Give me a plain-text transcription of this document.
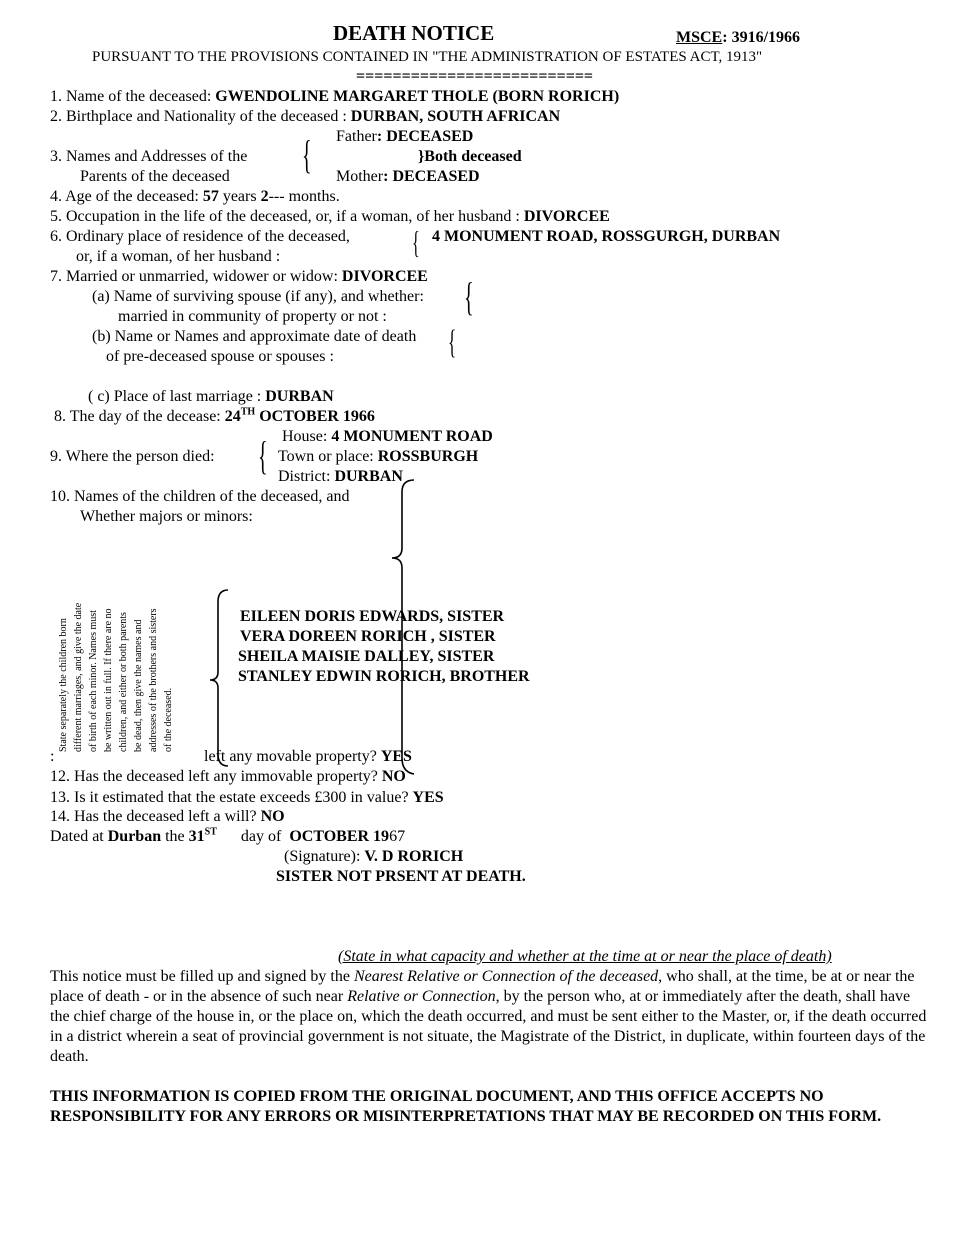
DEATH NOTICE	MSCE: 3916/1966
PURSUANT TO THE PROVISIONS CONTAINED IN "THE ADMINISTRATION OF ESTATES ACT, 1913"
==========================
1. Name of the deceased: GWENDOLINE MARGARET THOLE (BORN RORICH)
2. Birthplace and Nationality of the deceased : DURBAN, SOUTH AFRICAN
Father: DECEASED
3. Names and Addresses of the
Parents of the deceased {	}Both deceased
Mother: DECEASED
4. Age of the deceased: 57 years 2--- months.
5. Occupation in the life of the deceased, or, if a woman, of her husband : DIVORCEE
6. Ordinary place of residence of the deceased,
or, if a woman, of her husband :	{ 4 MONUMENT ROAD, ROSSGURGH, DURBAN
7. Married or unmarried, widower or widow: DIVORCEE
(a) Name of surviving spouse (if any), and whether:
married in community of property or not : {
(b) Name or Names and approximate date of death
of pre-deceased spouse or spouses :	{
( c) Place of last marriage : DURBAN
8. The day of the decease: 24TH OCTOBER 1966
House: 4 MONUMENT ROAD
9. Where the person died: { Town or place: ROSSBURGH
District: DURBAN
10. Names of the children of the deceased, and
Whether majors or minors:
State separately the children born different marriages, and give the date of birth of each minor. Names must be written out in full. If there are no children, and either or both parents be dead, then give the names and addresses of the brothers and sisters of the deceased.
EILEEN DORIS EDWARDS, SISTER
VERA DOREEN RORICH , SISTER
SHEILA MAISIE DALLEY, SISTER
STANLEY EDWIN RORICH, BROTHER
:	left any movable property? YES
12. Has the deceased left any immovable property? NO
13. Is it estimated that the estate exceeds £300 in value? YES
14. Has the deceased left a will? NO
Dated at Durban the 31ST      day of  OCTOBER 1967
(Signature): V. D RORICH
SISTER NOT PRSENT AT DEATH.
(State in what capacity and whether at the time at or near the place of death)
This notice must be filled up and signed by the Nearest Relative or Connection of the deceased, who shall, at the time, be at or near the place of death - or in the absence of such near Relative or Connection, by the person who, at or immediately after the death, shall have the chief charge of the house in, or the place on, which the death occurred, and must be sent either to the Master, or, if the death occurred in a district wherein a seat of provincial government is not situate, the Magistrate of the District, in duplicate, within fourteen days of the death.
THIS INFORMATION IS COPIED FROM THE ORIGINAL DOCUMENT, AND THIS OFFICE ACCEPTS NO RESPONSIBILITY FOR ANY ERRORS OR MISINTERPRETATIONS THAT MAY BE RECORDED ON THIS FORM.
